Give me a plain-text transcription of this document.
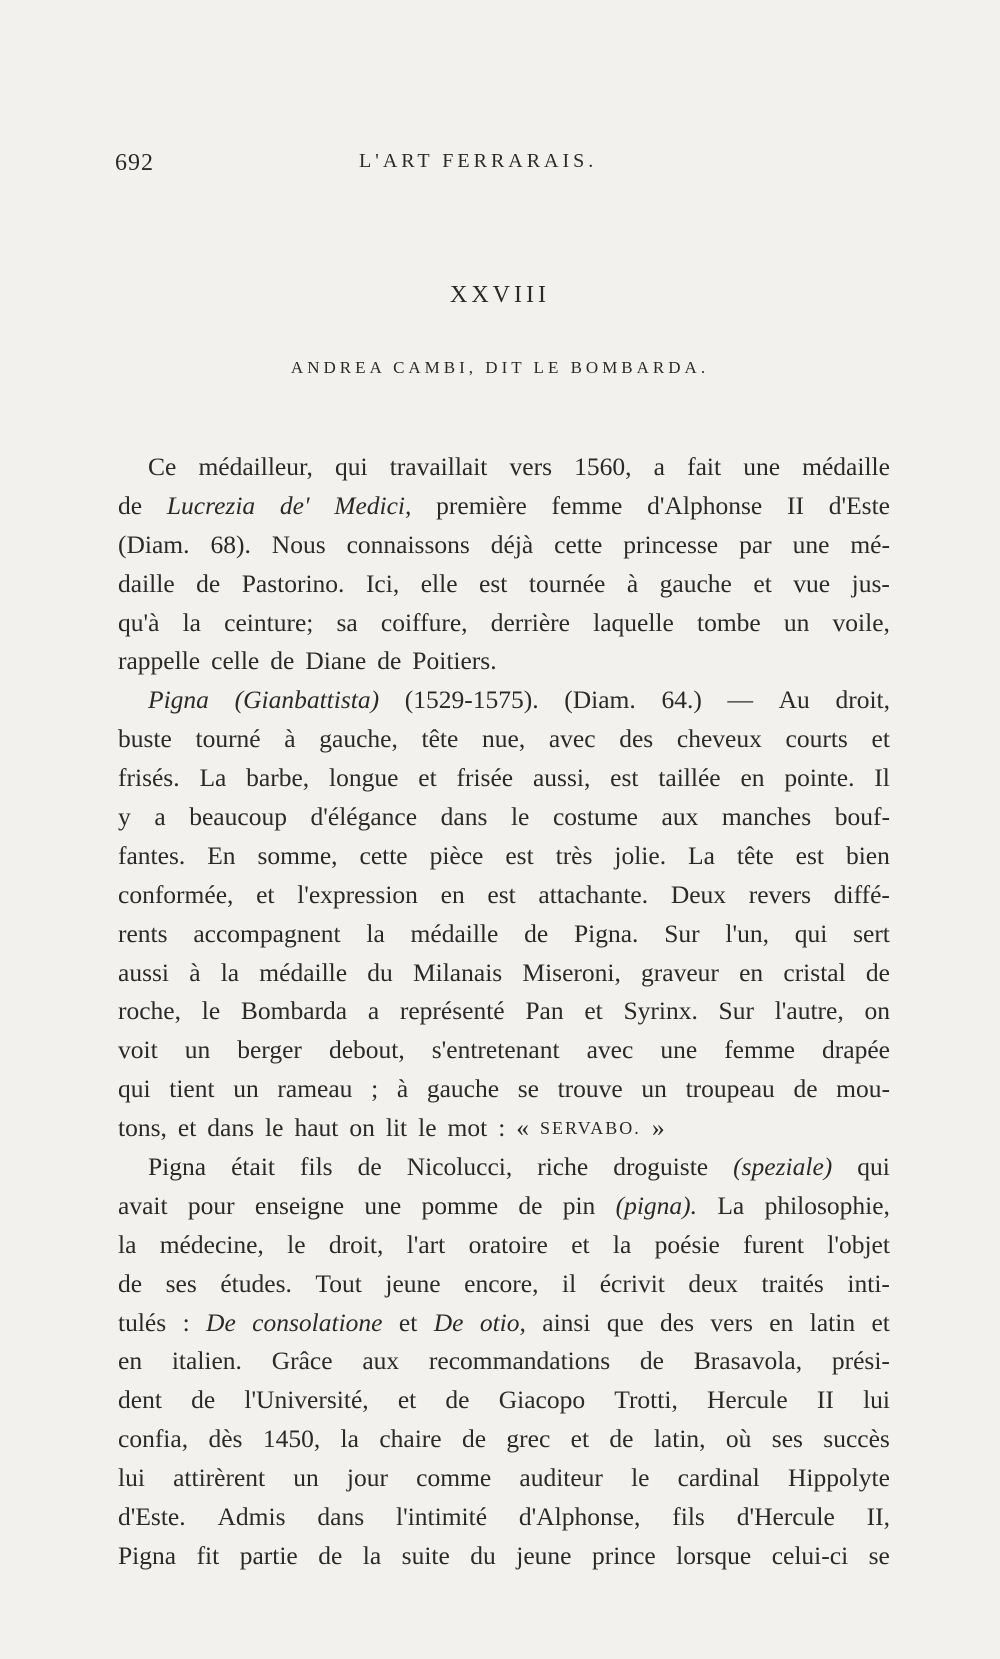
692	L'ART FERRARAIS.
XXVIII
ANDREA CAMBI, DIT LE BOMBARDA.
Ce médailleur, qui travaillait vers 1560, a fait une médaille
de Lucrezia de' Medici, première femme d'Alphonse II d'Este
(Diam. 68). Nous connaissons déjà cette princesse par une mé-
daille de Pastorino. Ici, elle est tournée à gauche et vue jus-
qu'à la ceinture; sa coiffure, derrière laquelle tombe un voile,
rappelle celle de Diane de Poitiers.
Pigna (Gianbattista) (1529-1575). (Diam. 64.) — Au droit,
buste tourné à gauche, tête nue, avec des cheveux courts et
frisés. La barbe, longue et frisée aussi, est taillée en pointe. Il
y a beaucoup d'élégance dans le costume aux manches bouf-
fantes. En somme, cette pièce est très jolie. La tête est bien
conformée, et l'expression en est attachante. Deux revers diffé-
rents accompagnent la médaille de Pigna. Sur l'un, qui sert
aussi à la médaille du Milanais Miseroni, graveur en cristal de
roche, le Bombarda a représenté Pan et Syrinx. Sur l'autre, on
voit un berger debout, s'entretenant avec une femme drapée
qui tient un rameau ; à gauche se trouve un troupeau de mou-
tons, et dans le haut on lit le mot : « SERVABO. »
Pigna était fils de Nicolucci, riche droguiste (speziale) qui
avait pour enseigne une pomme de pin (pigna). La philosophie,
la médecine, le droit, l'art oratoire et la poésie furent l'objet
de ses études. Tout jeune encore, il écrivit deux traités inti-
tulés : De consolatione et De otio, ainsi que des vers en latin et
en italien. Grâce aux recommandations de Brasavola, prési-
dent de l'Université, et de Giacopo Trotti, Hercule II lui
confia, dès 1450, la chaire de grec et de latin, où ses succès
lui attirèrent un jour comme auditeur le cardinal Hippolyte
d'Este. Admis dans l'intimité d'Alphonse, fils d'Hercule II,
Pigna fit partie de la suite du jeune prince lorsque celui-ci se
